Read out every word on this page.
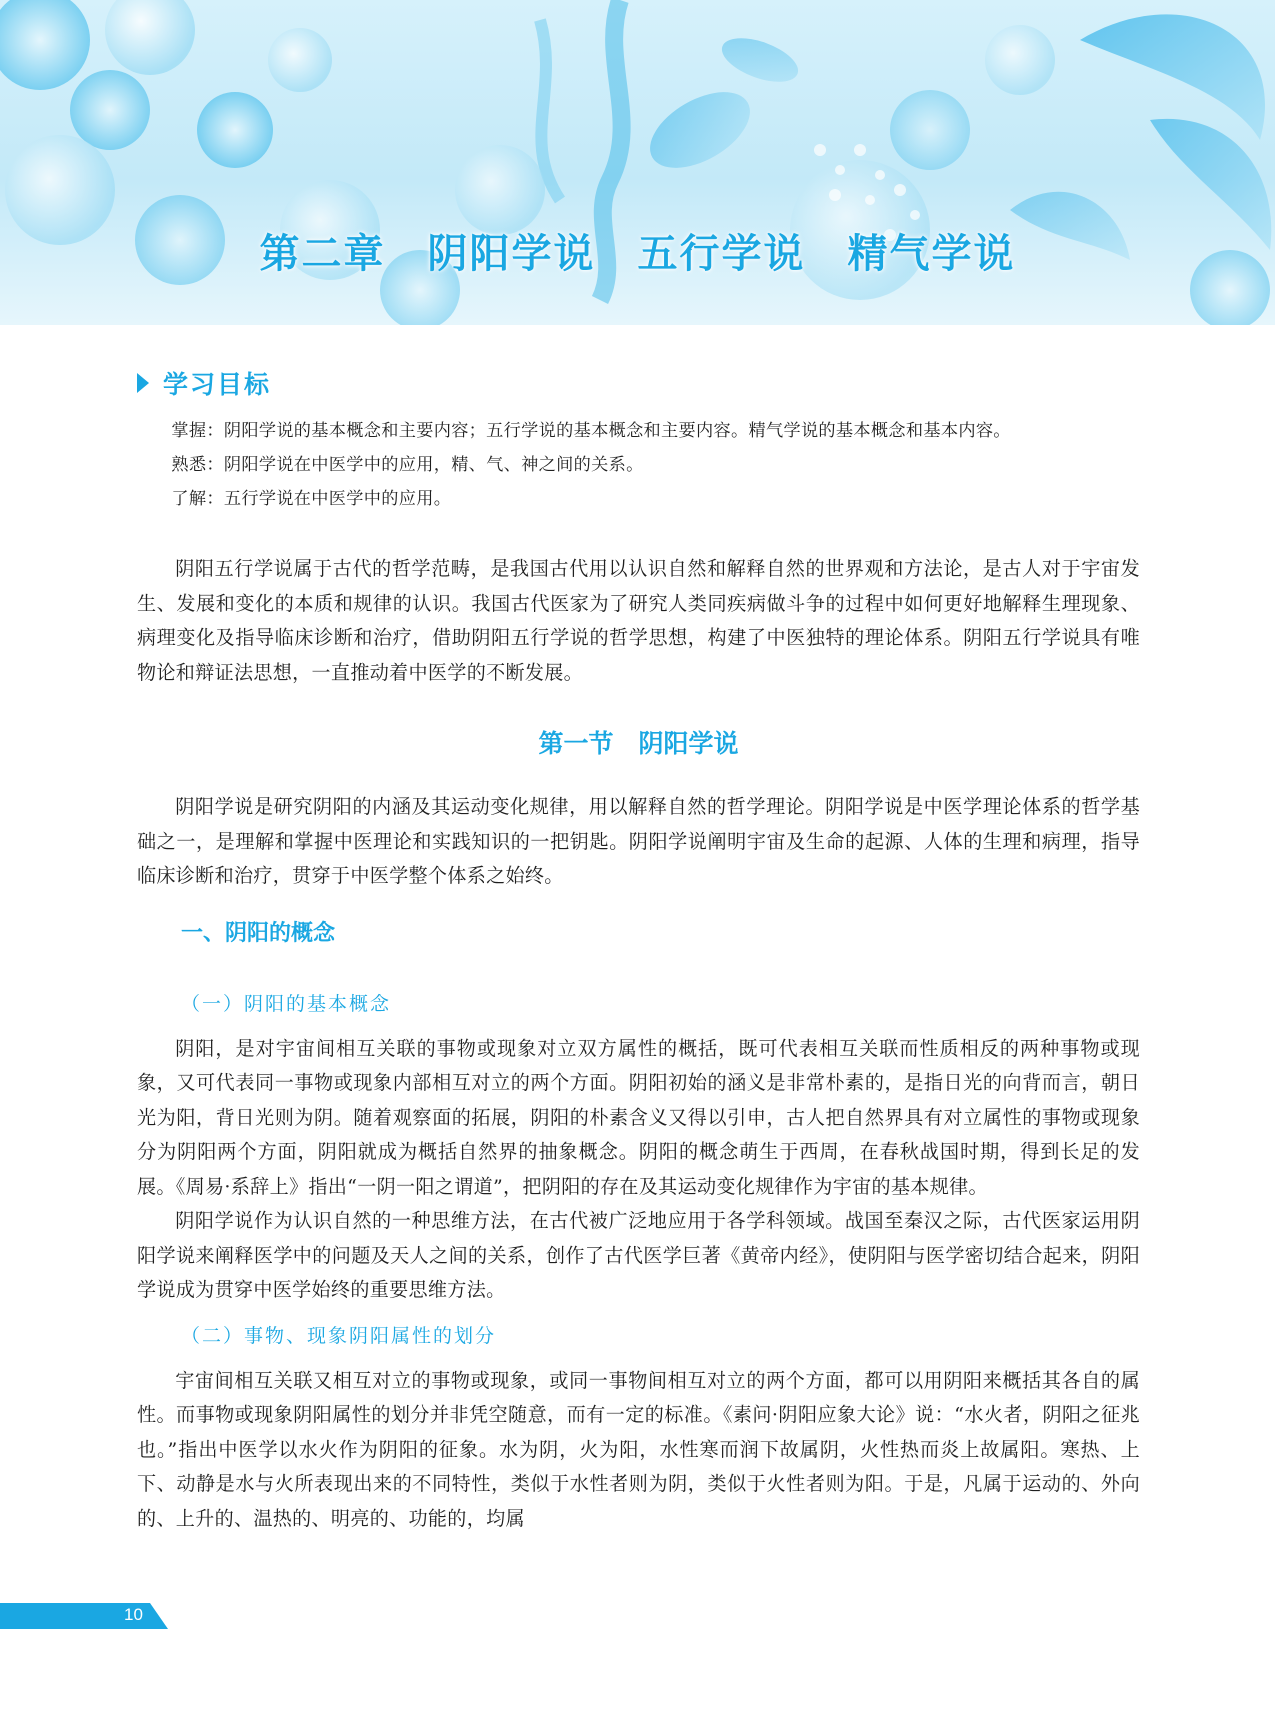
第二章　阴阳学说　五行学说　精气学说
学习目标

掌握：阴阳学说的基本概念和主要内容；五行学说的基本概念和主要内容。精气学说的基本概念和基本内容。

熟悉：阴阳学说在中医学中的应用，精、气、神之间的关系。

了解：五行学说在中医学中的应用。

阴阳五行学说属于古代的哲学范畴，是我国古代用以认识自然和解释自然的世界观和方法论，是古人对于宇宙发生、发展和变化的本质和规律的认识。我国古代医家为了研究人类同疾病做斗争的过程中如何更好地解释生理现象、病理变化及指导临床诊断和治疗，借助阴阳五行学说的哲学思想，构建了中医独特的理论体系。阴阳五行学说具有唯物论和辩证法思想，一直推动着中医学的不断发展。

第一节　阴阳学说

阴阳学说是研究阴阳的内涵及其运动变化规律，用以解释自然的哲学理论。阴阳学说是中医学理论体系的哲学基础之一，是理解和掌握中医理论和实践知识的一把钥匙。阴阳学说阐明宇宙及生命的起源、人体的生理和病理，指导临床诊断和治疗，贯穿于中医学整个体系之始终。

一、阴阳的概念
（一）阴阳的基本概念

阴阳，是对宇宙间相互关联的事物或现象对立双方属性的概括，既可代表相互关联而性质相反的两种事物或现象，又可代表同一事物或现象内部相互对立的两个方面。阴阳初始的涵义是非常朴素的，是指日光的向背而言，朝日光为阳，背日光则为阴。随着观察面的拓展，阴阳的朴素含义又得以引申，古人把自然界具有对立属性的事物或现象分为阴阳两个方面，阴阳就成为概括自然界的抽象概念。阴阳的概念萌生于西周，在春秋战国时期，得到长足的发展。《周易·系辞上》指出“一阴一阳之谓道”，把阴阳的存在及其运动变化规律作为宇宙的基本规律。

阴阳学说作为认识自然的一种思维方法，在古代被广泛地应用于各学科领域。战国至秦汉之际，古代医家运用阴阳学说来阐释医学中的问题及天人之间的关系，创作了古代医学巨著《黄帝内经》，使阴阳与医学密切结合起来，阴阳学说成为贯穿中医学始终的重要思维方法。

（二）事物、现象阴阳属性的划分

宇宙间相互关联又相互对立的事物或现象，或同一事物间相互对立的两个方面，都可以用阴阳来概括其各自的属性。而事物或现象阴阳属性的划分并非凭空随意，而有一定的标准。《素问·阴阳应象大论》说：“水火者，阴阳之征兆也。”指出中医学以水火作为阴阳的征象。水为阴，火为阳，水性寒而润下故属阴，火性热而炎上故属阳。寒热、上下、动静是水与火所表现出来的不同特性，类似于水性者则为阴，类似于火性者则为阳。于是，凡属于运动的、外向的、上升的、温热的、明亮的、功能的，均属

10
